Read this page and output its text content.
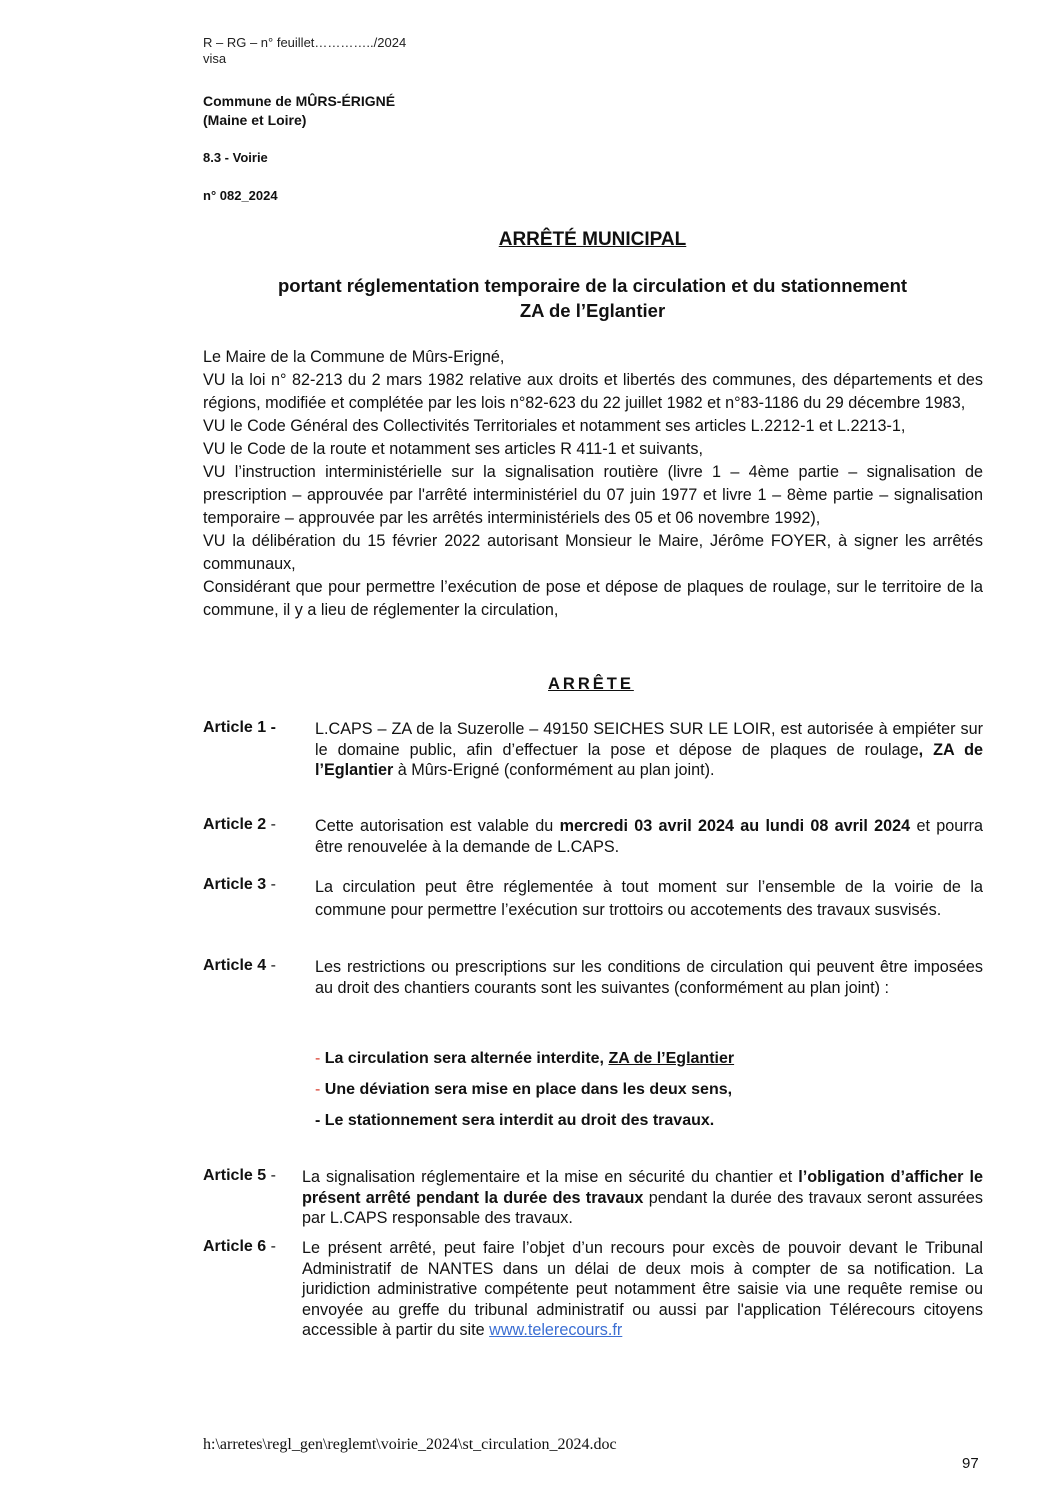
R – RG – n° feuillet…………../2024
visa
Commune de MÛRS-ÉRIGNÉ
(Maine et Loire)
8.3 - Voirie
n° 082_2024
ARRÊTÉ MUNICIPAL
portant réglementation temporaire de la circulation et du stationnement
ZA de l’Eglantier
Le Maire de la Commune de Mûrs-Erigné,
VU la loi n° 82-213 du 2 mars 1982 relative aux droits et libertés des communes, des départements et des régions, modifiée et complétée par les lois n°82-623 du 22 juillet 1982 et n°83-1186 du 29 décembre 1983,
VU le Code Général des Collectivités Territoriales et notamment ses articles L.2212-1 et L.2213-1,
VU le Code de la route et notamment ses articles R 411-1 et suivants,
VU l’instruction interministérielle sur la signalisation routière (livre 1 – 4ème partie – signalisation de prescription – approuvée par l'arrêté interministériel du 07 juin 1977 et livre 1 – 8ème partie – signalisation temporaire – approuvée par les arrêtés interministériels des 05 et 06 novembre 1992),
VU la délibération du 15 février 2022 autorisant Monsieur le Maire, Jérôme FOYER, à signer les arrêtés communaux,
Considérant que pour permettre l’exécution de pose et dépose de plaques de roulage, sur le territoire de la commune, il y a lieu de réglementer la circulation,
ARRÊTE
Article 1 - L.CAPS – ZA de la Suzerolle – 49150 SEICHES SUR LE LOIR, est autorisée à empiéter sur le domaine public, afin d’effectuer la pose et dépose de plaques de roulage, ZA de l’Eglantier à Mûrs-Erigné (conformément au plan joint).
Article 2 - Cette autorisation est valable du mercredi 03 avril 2024 au lundi 08 avril 2024 et pourra être renouvelée à la demande de L.CAPS.
Article 3 - La circulation peut être réglementée à tout moment sur l’ensemble de la voirie de la commune pour permettre l’exécution sur trottoirs ou accotements des travaux susvisés.
Article 4 - Les restrictions ou prescriptions sur les conditions de circulation qui peuvent être imposées au droit des chantiers courants sont les suivantes (conformément au plan joint) :
- La circulation sera alternée interdite, ZA de l’Eglantier
- Une déviation sera mise en place dans les deux sens,
- Le stationnement sera interdit au droit des travaux.
Article 5 - La signalisation réglementaire et la mise en sécurité du chantier et l’obligation d’afficher le présent arrêté pendant la durée des travaux pendant la durée des travaux seront assurées par L.CAPS responsable des travaux.
Article 6 - Le présent arrêté, peut faire l’objet d’un recours pour excès de pouvoir devant le Tribunal Administratif de NANTES dans un délai de deux mois à compter de sa notification. La juridiction administrative compétente peut notamment être saisie via une requête remise ou envoyée au greffe du tribunal administratif ou aussi par l'application Télérecours citoyens accessible à partir du site www.telerecours.fr
h:\arretes\regl_gen\reglemt\voirie_2024\st_circulation_2024.doc
97
